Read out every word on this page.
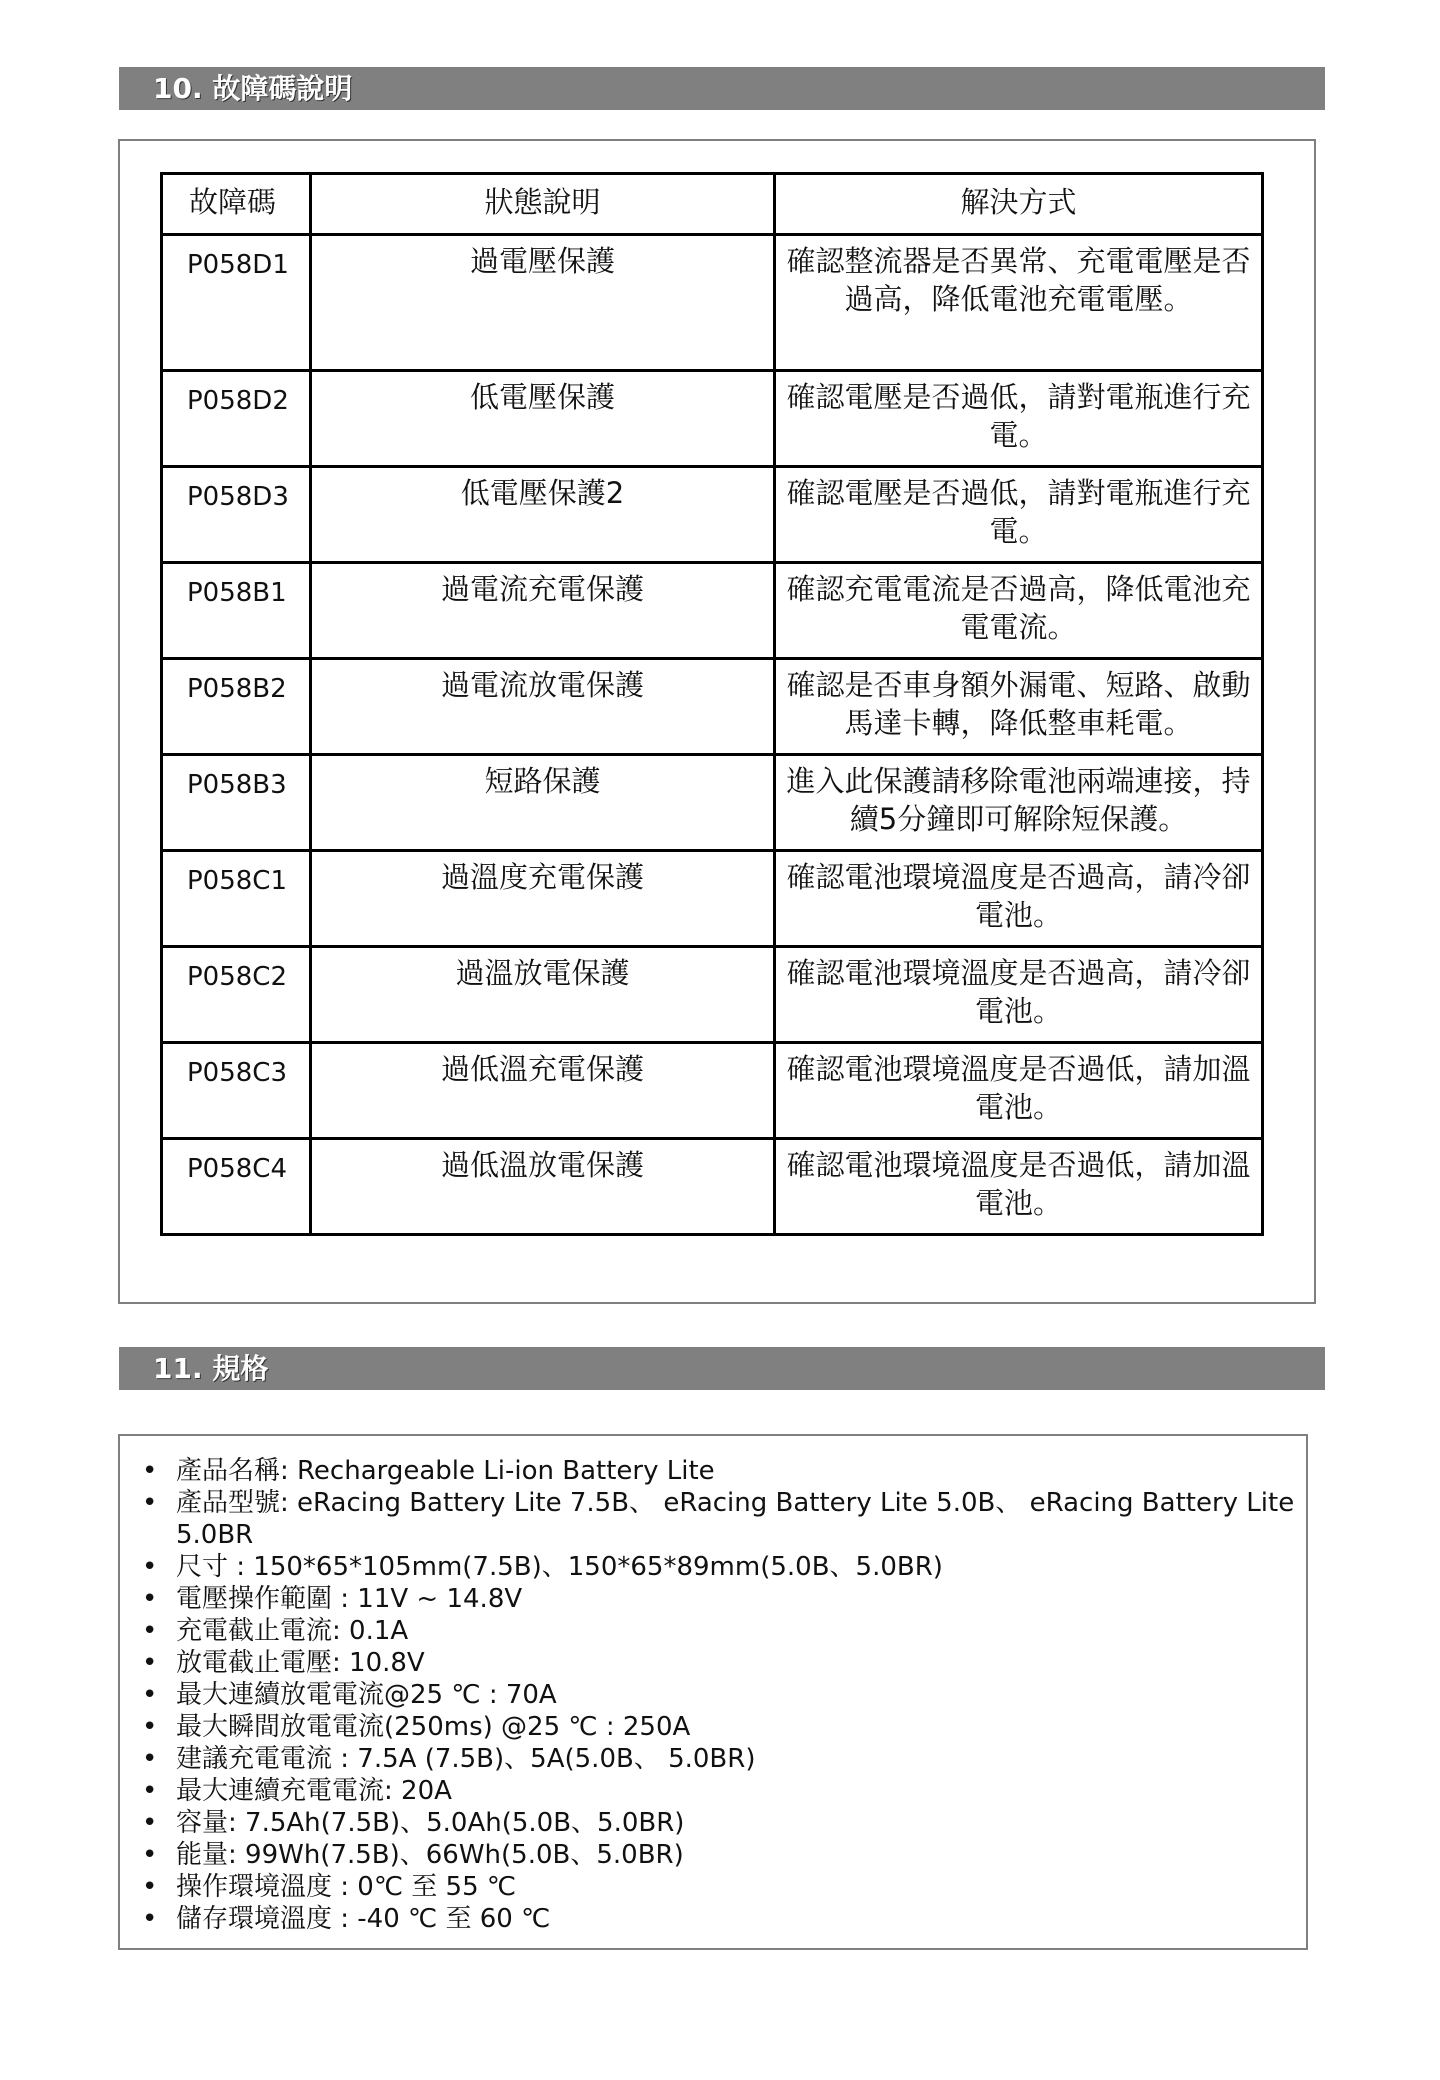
10. 故障碼說明
故障碼	狀態說明	解決方式
P058D1	過電壓保護	確認整流器是否異常、充電電壓是否過高，降低電池充電電壓。
P058D2	低電壓保護	確認電壓是否過低，請對電瓶進行充電。
P058D3	低電壓保護2	確認電壓是否過低，請對電瓶進行充電。
P058B1	過電流充電保護	確認充電電流是否過高，降低電池充電電流。
P058B2	過電流放電保護	確認是否車身額外漏電、短路、啟動馬達卡轉，降低整車耗電。
P058B3	短路保護	進入此保護請移除電池兩端連接，持續5分鐘即可解除短保護。
P058C1	過溫度充電保護	確認電池環境溫度是否過高，請冷卻電池。
P058C2	過溫放電保護	確認電池環境溫度是否過高，請冷卻電池。
P058C3	過低溫充電保護	確認電池環境溫度是否過低，請加溫電池。
P058C4	過低溫放電保護	確認電池環境溫度是否過低，請加溫電池。
11. 規格
• 產品名稱: Rechargeable Li-ion Battery Lite
• 產品型號: eRacing Battery Lite 7.5B、 eRacing Battery Lite 5.0B、 eRacing Battery Lite 5.0BR
• 尺寸 : 150*65*105mm(7.5B)、150*65*89mm(5.0B、5.0BR)
• 電壓操作範圍 : 11V ~ 14.8V
• 充電截止電流: 0.1A
• 放電截止電壓: 10.8V
• 最大連續放電電流@25 ℃ : 70A
• 最大瞬間放電電流(250ms) @25 ℃ : 250A
• 建議充電電流 : 7.5A (7.5B)、5A(5.0B、 5.0BR)
• 最大連續充電電流: 20A
• 容量: 7.5Ah(7.5B)、5.0Ah(5.0B、5.0BR)
• 能量: 99Wh(7.5B)、66Wh(5.0B、5.0BR)
• 操作環境溫度 : 0℃ 至 55 ℃
• 儲存環境溫度 : -40 ℃ 至 60 ℃
